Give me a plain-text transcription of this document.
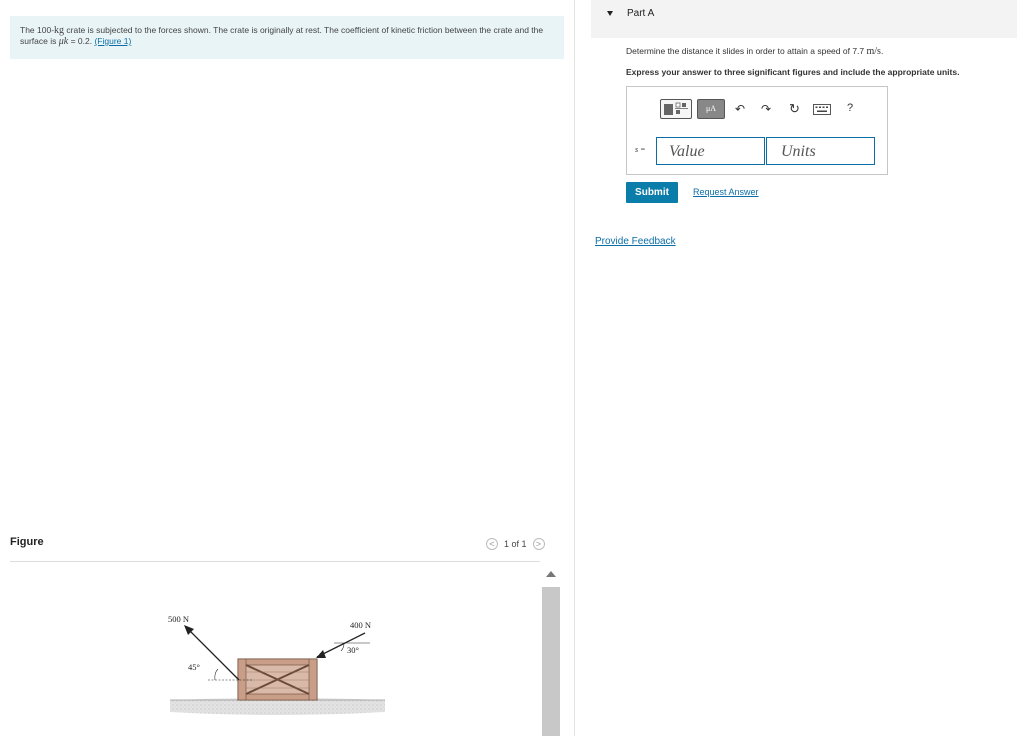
The 100-kg crate is subjected to the forces shown. The crate is originally at rest. The coefficient of kinetic friction between the crate and the surface is μk = 0.2. (Figure 1)
Figure	<	1 of 1	>
500 N
45°
400 N
30°
Part A
Determine the distance it slides in order to attain a speed of 7.7 m/s.
Express your answer to three significant figures and include the appropriate units.
μA	↶ ↷ ↻	?
s =	Value	Units
Submit	Request Answer
Provide Feedback
